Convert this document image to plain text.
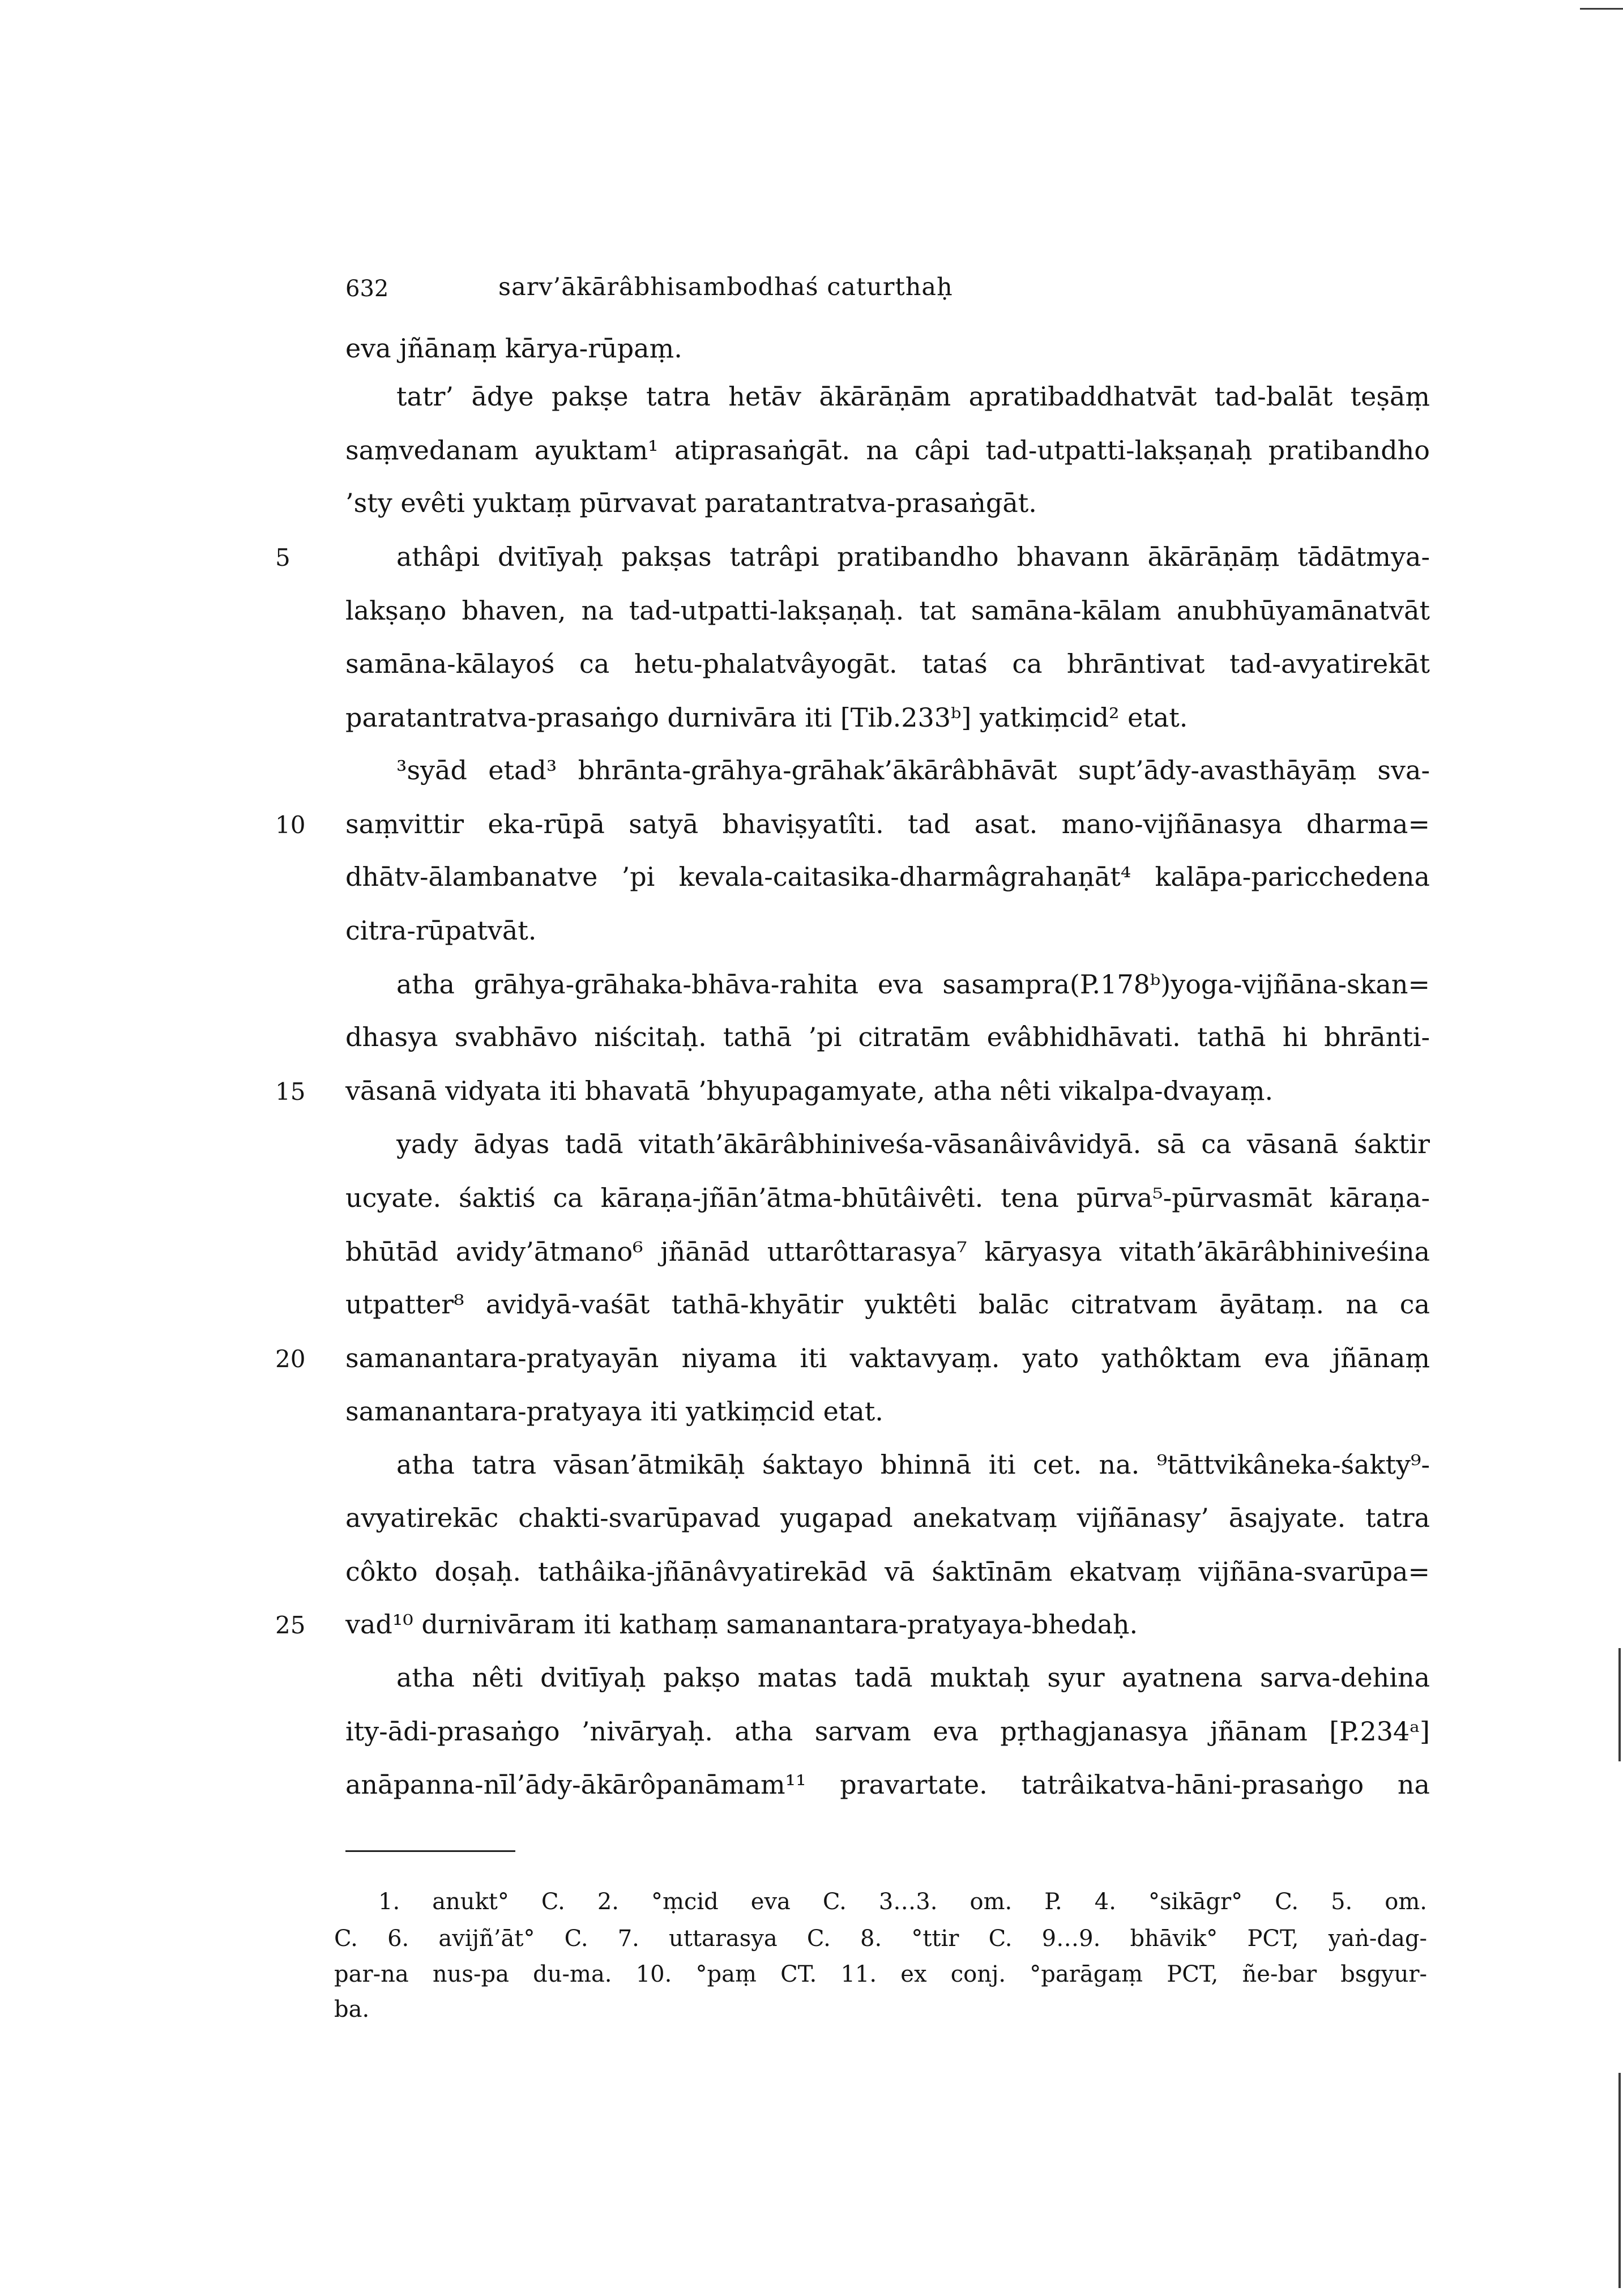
632	sarv’ākārâbhisambodhaś caturthaḥ
eva jñānaṃ kārya-rūpaṃ.
tatr’ ādye pakṣe tatra hetāv ākārāṇām apratibaddhatvāt tad-balāt teṣāṃ
saṃvedanam ayuktam¹ atiprasaṅgāt. na câpi tad-utpatti-lakṣaṇaḥ pratibandho
’sty evêti yuktaṃ pūrvavat paratantratva-prasaṅgāt.
athâpi dvitīyaḥ pakṣas tatrâpi pratibandho bhavann ākārāṇāṃ tādātmya-
lakṣaṇo bhaven, na tad-utpatti-lakṣaṇaḥ. tat samāna-kālam anubhūyamānatvāt
samāna-kālayoś ca hetu-phalatvâyogāt. tataś ca bhrāntivat tad-avyatirekāt
paratantratva-prasaṅgo durnivāra iti [Tib.233ᵇ] yatkiṃcid² etat.
³syād etad³ bhrānta-grāhya-grāhak’ākārâbhāvāt supt’ādy-avasthāyāṃ sva-
saṃvittir eka-rūpā satyā bhaviṣyatîti. tad asat. mano-vijñānasya dharma=
dhātv-ālambanatve ’pi kevala-caitasika-dharmâgrahaṇāt⁴ kalāpa-paricchedena
citra-rūpatvāt.
atha grāhya-grāhaka-bhāva-rahita eva sasampra(P.178ᵇ)yoga-vijñāna-skan=
dhasya svabhāvo niścitaḥ. tathā ’pi citratām evâbhidhāvati. tathā hi bhrānti-
vāsanā vidyata iti bhavatā ’bhyupagamyate, atha nêti vikalpa-dvayaṃ.
yady ādyas tadā vitath’ākārâbhiniveśa-vāsanâivâvidyā. sā ca vāsanā śaktir
ucyate. śaktiś ca kāraṇa-jñān’ātma-bhūtâivêti. tena pūrva⁵-pūrvasmāt kāraṇa-
bhūtād avidy’ātmano⁶ jñānād uttarôttarasya⁷ kāryasya vitath’ākārâbhiniveśina
utpatter⁸ avidyā-vaśāt tathā-khyātir yuktêti balāc citratvam āyātaṃ. na ca
samanantara-pratyayān niyama iti vaktavyaṃ. yato yathôktam eva jñānaṃ
samanantara-pratyaya iti yatkiṃcid etat.
atha tatra vāsan’ātmikāḥ śaktayo bhinnā iti cet. na. ⁹tāttvikâneka-śakty⁹-
avyatirekāc chakti-svarūpavad yugapad anekatvaṃ vijñānasy’ āsajyate. tatra
côkto doṣaḥ. tathâika-jñānâvyatirekād vā śaktīnām ekatvaṃ vijñāna-svarūpa=
vad¹⁰ durnivāram iti kathaṃ samanantara-pratyaya-bhedaḥ.
atha nêti dvitīyaḥ pakṣo matas tadā muktaḥ syur ayatnena sarva-dehina
ity-ādi-prasaṅgo ’nivāryaḥ. atha sarvam eva pṛthagjanasya jñānam [P.234ᵃ]
anāpanna-nīl’ādy-ākārôpanāmam¹¹ pravartate. tatrâikatva-hāni-prasaṅgo na
5
10
15
20
25
1. anukt° C. 2. °ṃcid eva C. 3…3. om. P. 4. °sikāgr° C. 5. om.
C. 6. avijñ’āt° C. 7. uttarasya C. 8. °ttir C. 9…9. bhāvik° PCT, yaṅ-dag-
par-na nus-pa du-ma. 10. °paṃ CT. 11. ex conj. °parāgaṃ PCT, ñe-bar bsgyur-
ba.
